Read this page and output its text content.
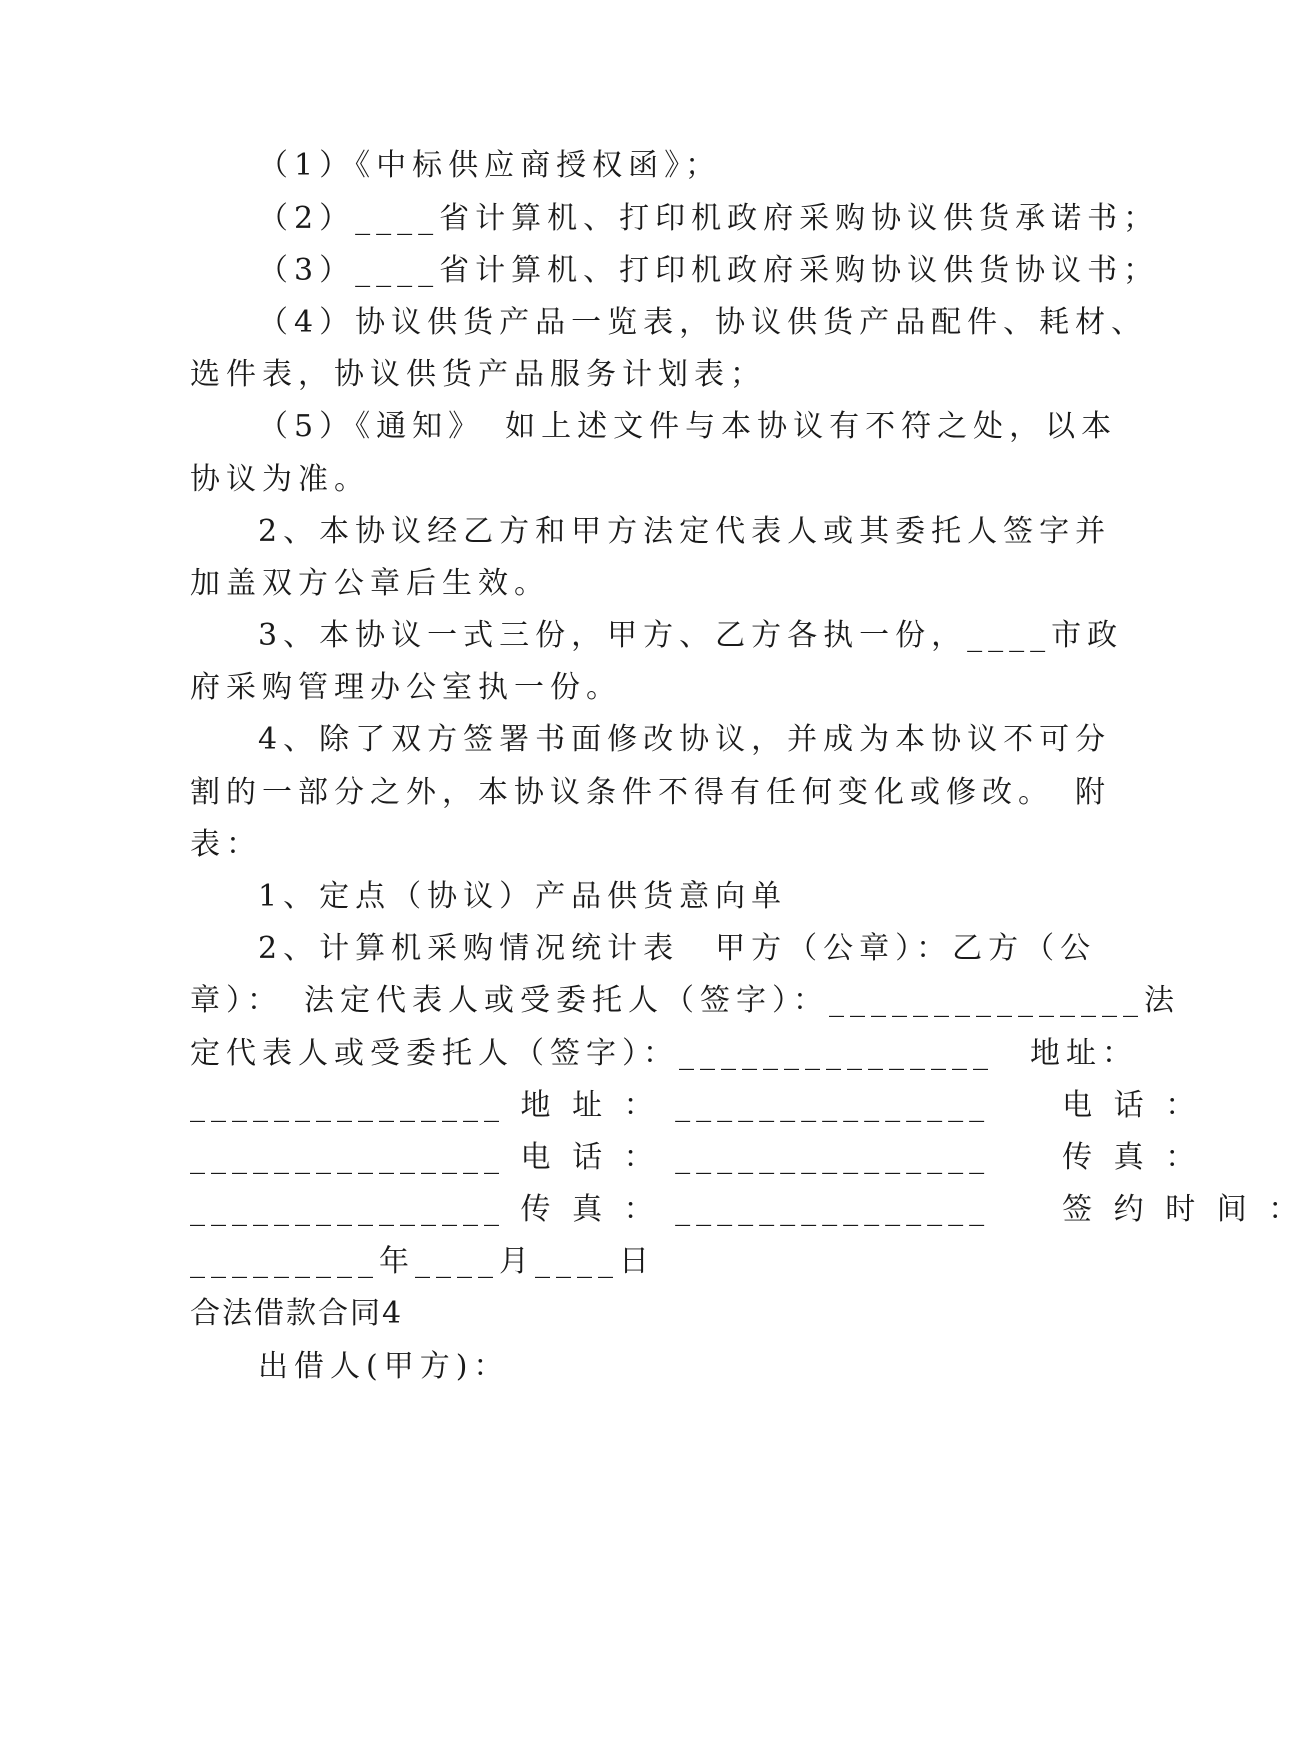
（1）《中标供应商授权函》；
（2）____省计算机、打印机政府采购协议供货承诺书；
（3）____省计算机、打印机政府采购协议供货协议书；
（4）协议供货产品一览表，协议供货产品配件、耗材、
选件表，协议供货产品服务计划表；
（5）《通知》　如上述文件与本协议有不符之处，以本
协议为准。
2、本协议经乙方和甲方法定代表人或其委托人签字并
加盖双方公章后生效。
3、本协议一式三份，甲方、乙方各执一份，____市政
府采购管理办公室执一份。
4、除了双方签署书面修改协议，并成为本协议不可分
割的一部分之外，本协议条件不得有任何变化或修改。　附
表：
1、定点（协议）产品供货意向单
2、计算机采购情况统计表　甲方（公章）：乙方（公
章）：　法定代表人或受委托人（签字）：_______________法
定代表人或受委托人（签字）：_______________　地址：
_______________ 地 址 ： _______________　　电 话 ：
_______________ 电 话 ： _______________　　传 真 ：
_______________ 传 真 ： _______________　　签 约 时 间 ：
_________年____月____日
合法借款合同4
出借人(甲方)：
